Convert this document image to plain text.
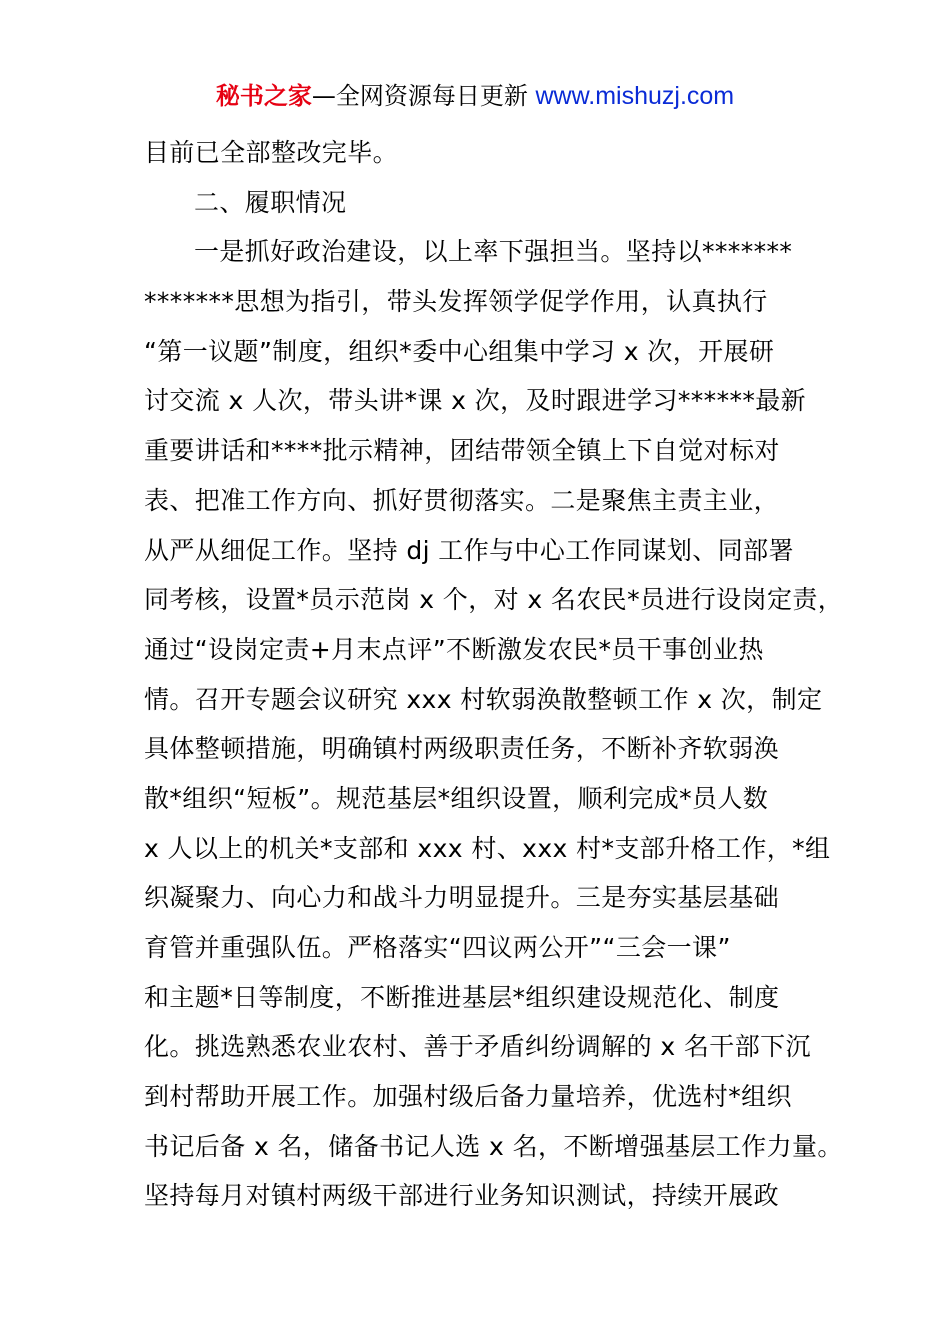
秘书之家—全网资源每日更新 www.mishuzj.com
目前已全部整改完毕。
二、履职情况
一是抓好政治建设，以上率下强担当。坚持以*******
*******思想为指引，带头发挥领学促学作用，认真执行
“第一议题”制度，组织*委中心组集中学习 x 次，开展研
讨交流 x 人次，带头讲*课 x 次，及时跟进学习******最新
重要讲话和****批示精神，团结带领全镇上下自觉对标对
表、把准工作方向、抓好贯彻落实。二是聚焦主责主业，
从严从细促工作。坚持 dj 工作与中心工作同谋划、同部署
同考核，设置*员示范岗 x 个，对 x 名农民*员进行设岗定责，
通过“设岗定责+月末点评”不断激发农民*员干事创业热
情。召开专题会议研究 xxx 村软弱涣散整顿工作 x 次，制定
具体整顿措施，明确镇村两级职责任务，不断补齐软弱涣
散*组织“短板”。规范基层*组织设置，顺利完成*员人数
x 人以上的机关*支部和 xxx 村、xxx 村*支部升格工作，*组
织凝聚力、向心力和战斗力明显提升。三是夯实基层基础
育管并重强队伍。严格落实“四议两公开”“三会一课”
和主题*日等制度，不断推进基层*组织建设规范化、制度
化。挑选熟悉农业农村、善于矛盾纠纷调解的 x 名干部下沉
到村帮助开展工作。加强村级后备力量培养，优选村*组织
书记后备 x 名，储备书记人选 x 名，不断增强基层工作力量。
坚持每月对镇村两级干部进行业务知识测试，持续开展政
